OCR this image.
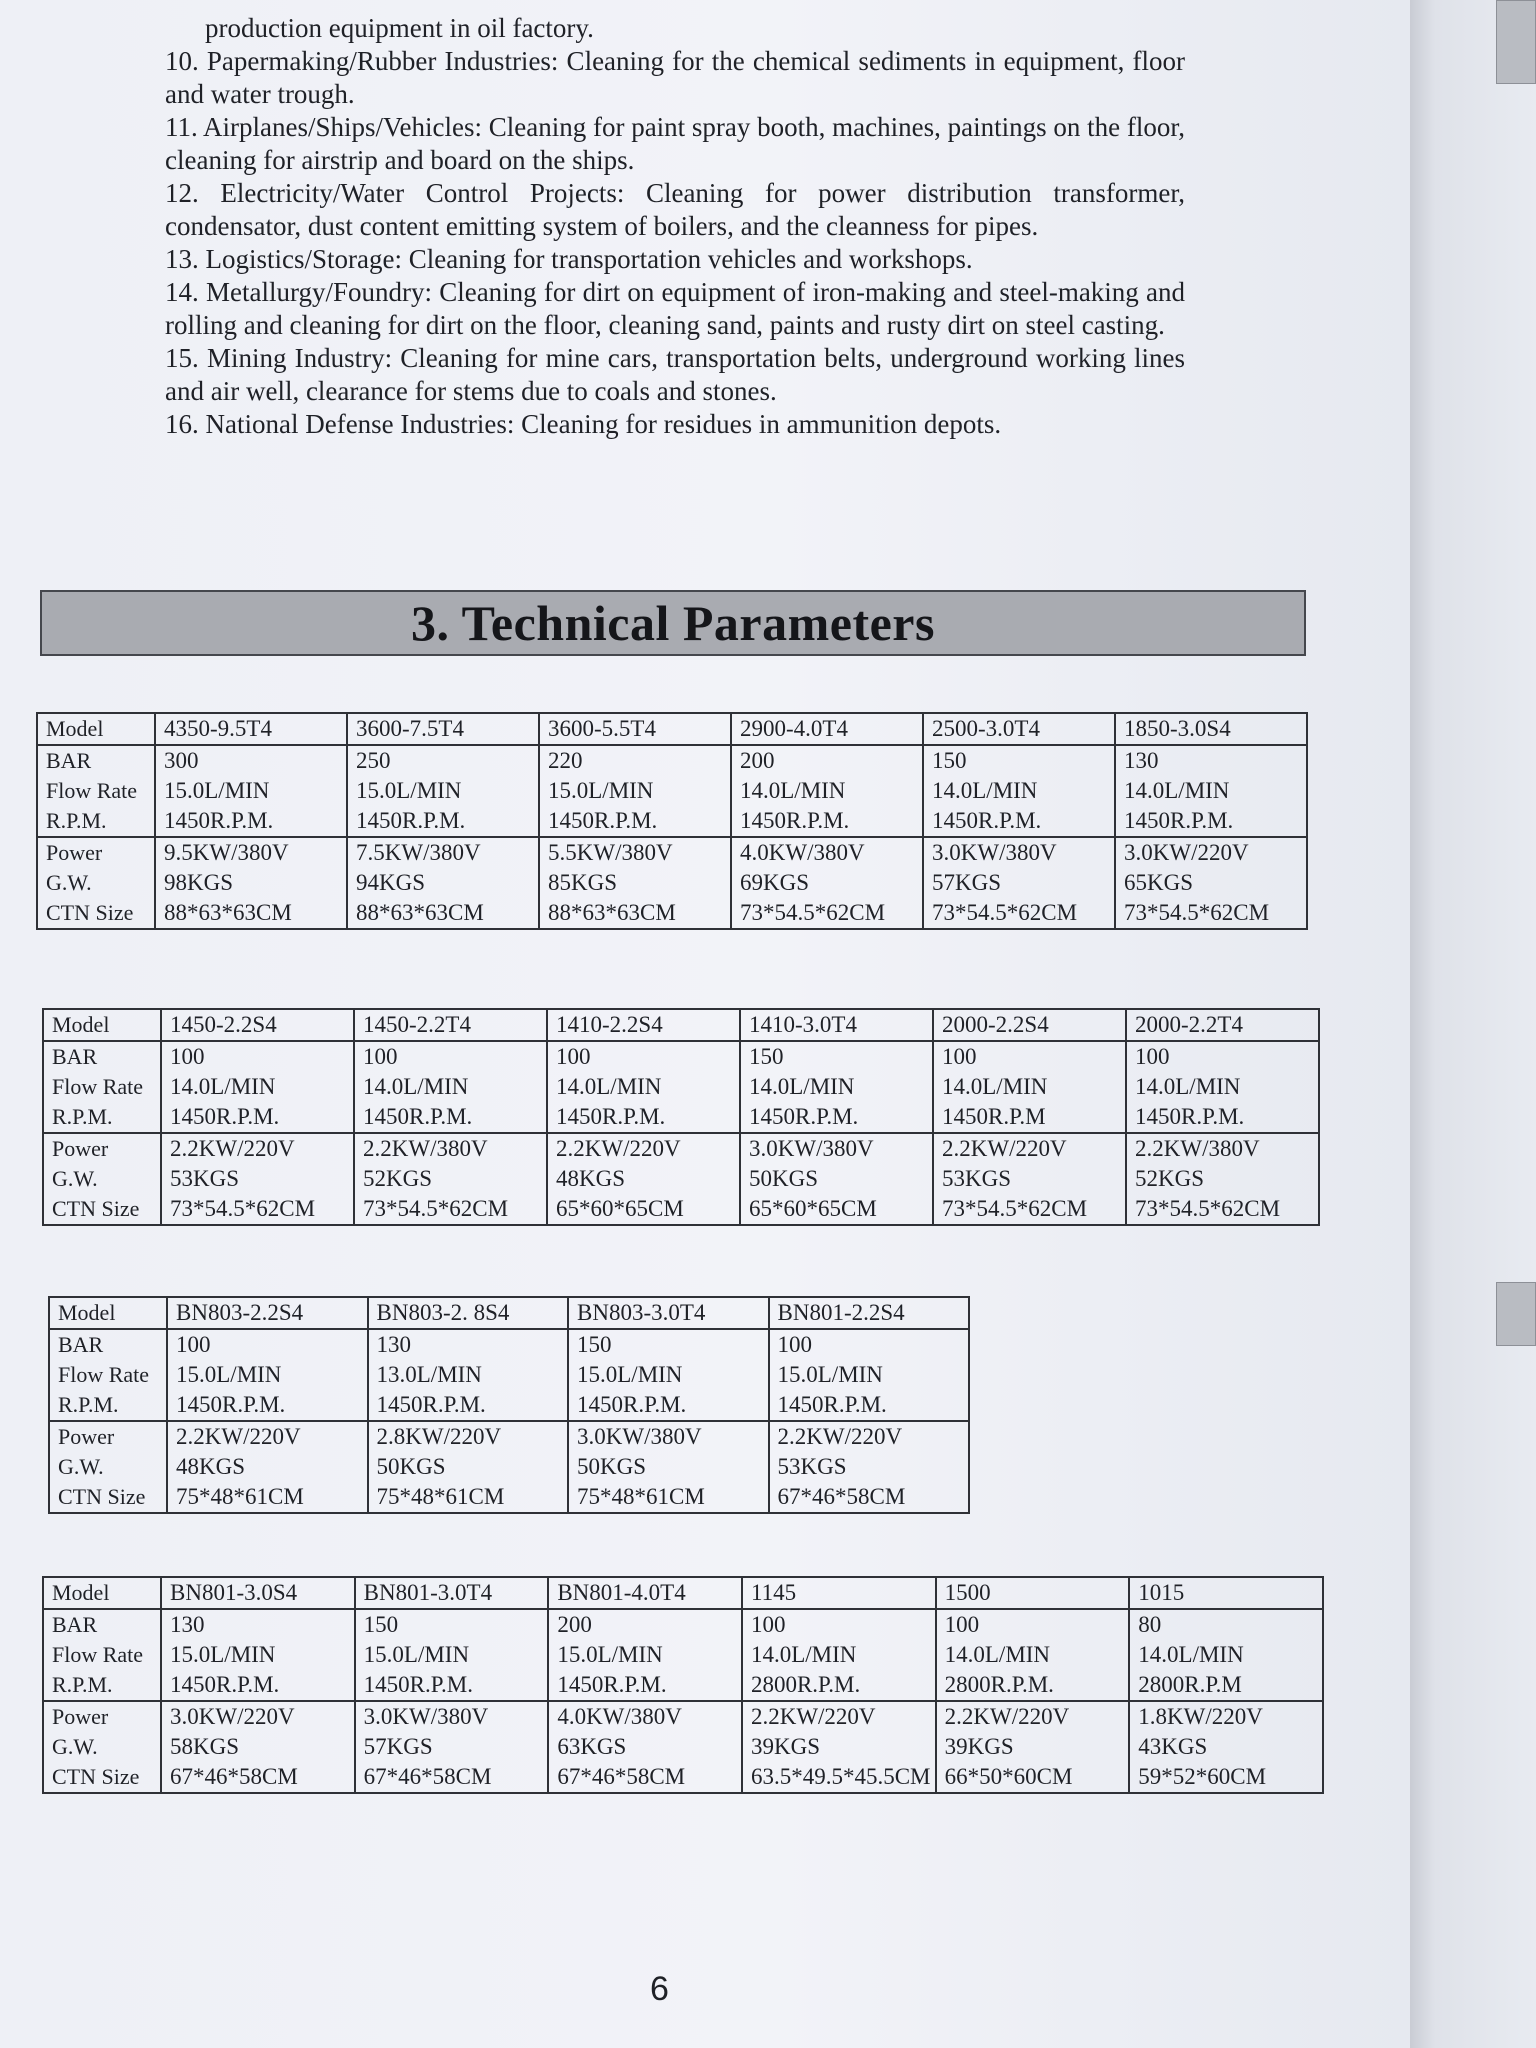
production equipment in oil factory.

10. Papermaking/Rubber Industries: Cleaning for the chemical sediments in equipment, floor and water trough.

11. Airplanes/Ships/Vehicles: Cleaning for paint spray booth, machines, paintings on the floor, cleaning for airstrip and board on the ships.

12. Electricity/Water Control Projects: Cleaning for power distribution transformer, condensator, dust content emitting system of boilers, and the cleanness for pipes.

13. Logistics/Storage: Cleaning for transportation vehicles and workshops.

14. Metallurgy/Foundry: Cleaning for dirt on equipment of iron-making and steel-making and rolling and cleaning for dirt on the floor, cleaning sand, paints and rusty dirt on steel casting.

15. Mining Industry: Cleaning for mine cars, transportation belts, underground working lines and air well, clearance for stems due to coals and stones.

16. National Defense Industries: Cleaning for residues in ammunition depots.

3. Technical Parameters
Model	4350-9.5T4	3600-7.5T4	3600-5.5T4	2900-4.0T4	2500-3.0T4	1850-3.0S4
BAR	300	250	220	200	150	130
Flow Rate	15.0L/MIN	15.0L/MIN	15.0L/MIN	14.0L/MIN	14.0L/MIN	14.0L/MIN
R.P.M.	1450R.P.M.	1450R.P.M.	1450R.P.M.	1450R.P.M.	1450R.P.M.	1450R.P.M.
Power	9.5KW/380V	7.5KW/380V	5.5KW/380V	4.0KW/380V	3.0KW/380V	3.0KW/220V
G.W.	98KGS	94KGS	85KGS	69KGS	57KGS	65KGS
CTN Size	88*63*63CM	88*63*63CM	88*63*63CM	73*54.5*62CM	73*54.5*62CM	73*54.5*62CM
Model	1450-2.2S4	1450-2.2T4	1410-2.2S4	1410-3.0T4	2000-2.2S4	2000-2.2T4
BAR	100	100	100	150	100	100
Flow Rate	14.0L/MIN	14.0L/MIN	14.0L/MIN	14.0L/MIN	14.0L/MIN	14.0L/MIN
R.P.M.	1450R.P.M.	1450R.P.M.	1450R.P.M.	1450R.P.M.	1450R.P.M	1450R.P.M.
Power	2.2KW/220V	2.2KW/380V	2.2KW/220V	3.0KW/380V	2.2KW/220V	2.2KW/380V
G.W.	53KGS	52KGS	48KGS	50KGS	53KGS	52KGS
CTN Size	73*54.5*62CM	73*54.5*62CM	65*60*65CM	65*60*65CM	73*54.5*62CM	73*54.5*62CM
Model	BN803-2.2S4	BN803-2. 8S4	BN803-3.0T4	BN801-2.2S4
BAR	100	130	150	100
Flow Rate	15.0L/MIN	13.0L/MIN	15.0L/MIN	15.0L/MIN
R.P.M.	1450R.P.M.	1450R.P.M.	1450R.P.M.	1450R.P.M.
Power	2.2KW/220V	2.8KW/220V	3.0KW/380V	2.2KW/220V
G.W.	48KGS	50KGS	50KGS	53KGS
CTN Size	75*48*61CM	75*48*61CM	75*48*61CM	67*46*58CM
Model	BN801-3.0S4	BN801-3.0T4	BN801-4.0T4	1145	1500	1015
BAR	130	150	200	100	100	80
Flow Rate	15.0L/MIN	15.0L/MIN	15.0L/MIN	14.0L/MIN	14.0L/MIN	14.0L/MIN
R.P.M.	1450R.P.M.	1450R.P.M.	1450R.P.M.	2800R.P.M.	2800R.P.M.	2800R.P.M
Power	3.0KW/220V	3.0KW/380V	4.0KW/380V	2.2KW/220V	2.2KW/220V	1.8KW/220V
G.W.	58KGS	57KGS	63KGS	39KGS	39KGS	43KGS
CTN Size	67*46*58CM	67*46*58CM	67*46*58CM	63.5*49.5*45.5CM	66*50*60CM	59*52*60CM
6
